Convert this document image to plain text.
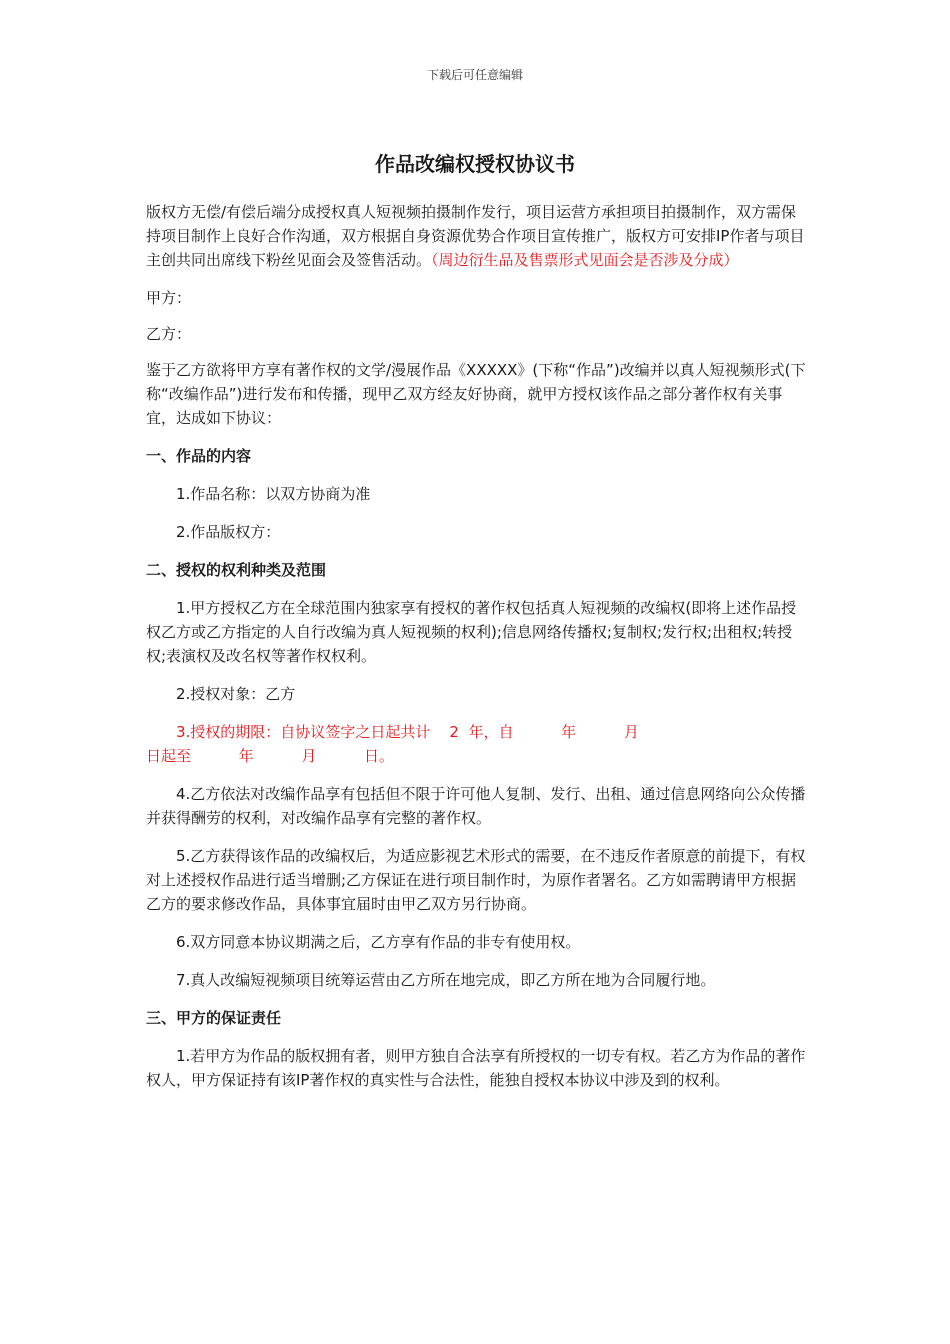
下载后可任意编辑
作品改编权授权协议书

版权方无偿/有偿后端分成授权真人短视频拍摄制作发行，项目运营方承担项目拍摄制作，双方需保持项目制作上良好合作沟通，双方根据自身资源优势合作项目宣传推广，版权方可安排IP作者与项目主创共同出席线下粉丝见面会及签售活动。（周边衍生品及售票形式见面会是否涉及分成）

甲方：

乙方：

鉴于乙方欲将甲方享有著作权的文学/漫展作品《XXXXX》(下称“作品”)改编并以真人短视频形式(下称“改编作品”)进行发布和传播，现甲乙双方经友好协商，就甲方授权该作品之部分著作权有关事宜，达成如下协议：

一、作品的内容

1.作品名称：以双方协商为准

2.作品版权方：

二、授权的权利种类及范围

1.甲方授权乙方在全球范围内独家享有授权的著作权包括真人短视频的改编权(即将上述作品授权乙方或乙方指定的人自行改编为真人短视频的权利);信息网络传播权;复制权;发行权;出租权;转授权;表演权及改名权等著作权权利。

2.授权对象：乙方

3.授权的期限：自协议签字之日起共计    2  年，自          年          月
日起至          年          月          日。

4.乙方依法对改编作品享有包括但不限于许可他人复制、发行、出租、通过信息网络向公众传播并获得酬劳的权利，对改编作品享有完整的著作权。

5.乙方获得该作品的改编权后，为适应影视艺术形式的需要，在不违反作者原意的前提下，有权对上述授权作品进行适当增删;乙方保证在进行项目制作时，为原作者署名。乙方如需聘请甲方根据乙方的要求修改作品，具体事宜届时由甲乙双方另行协商。

6.双方同意本协议期满之后，乙方享有作品的非专有使用权。

7.真人改编短视频项目统筹运营由乙方所在地完成，即乙方所在地为合同履行地。

三、甲方的保证责任

1.若甲方为作品的版权拥有者，则甲方独自合法享有所授权的一切专有权。若乙方为作品的著作权人，甲方保证持有该IP著作权的真实性与合法性，能独自授权本协议中涉及到的权利。
